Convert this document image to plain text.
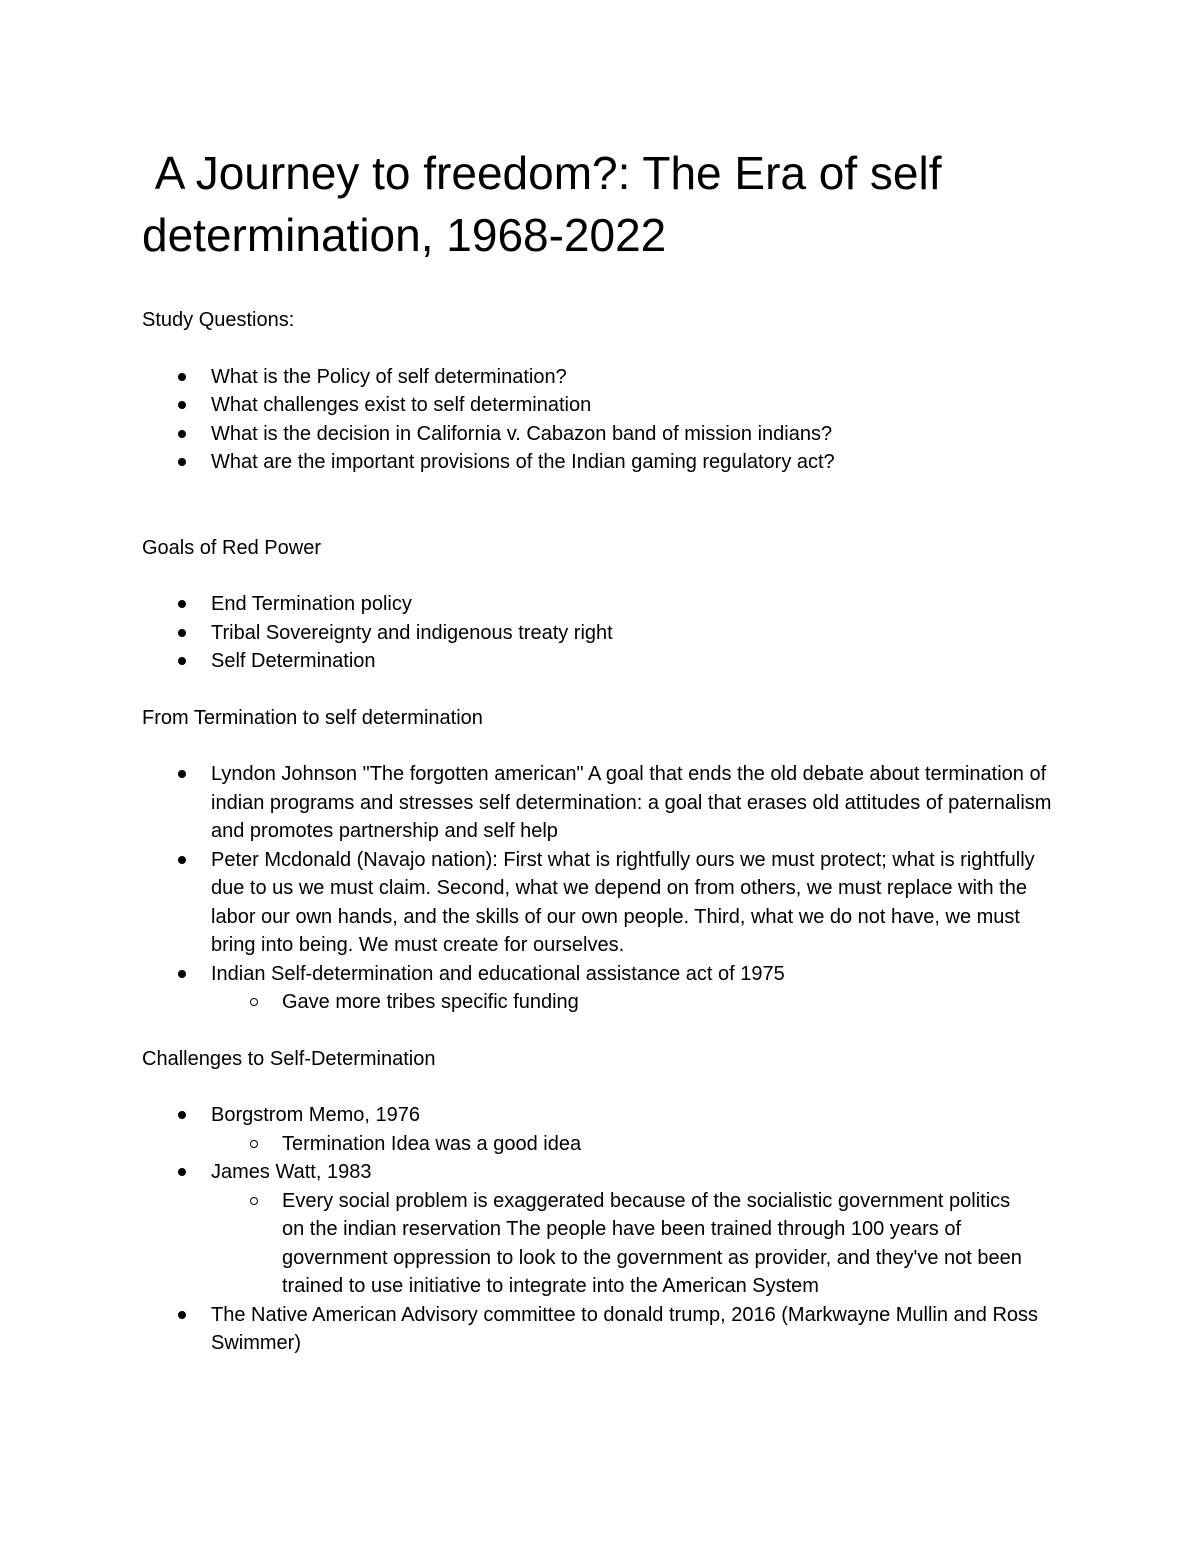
A Journey to freedom?: The Era of self determination, 1968-2022

Study Questions:

What is the Policy of self determination?
What challenges exist to self determination
What is the decision in California v. Cabazon band of mission indians?
What are the important provisions of the Indian gaming regulatory act?

Goals of Red Power

End Termination policy
Tribal Sovereignty and indigenous treaty right
Self Determination

From Termination to self determination

Lyndon Johnson "The forgotten american" A goal that ends the old debate about termination of indian programs and stresses self determination: a goal that erases old attitudes of paternalism and promotes partnership and self help
Peter Mcdonald (Navajo nation): First what is rightfully ours we must protect; what is rightfully due to us we must claim. Second, what we depend on from others, we must replace with the labor our own hands, and the skills of our own people. Third, what we do not have, we must bring into being. We must create for ourselves.
Indian Self-determination and educational assistance act of 1975
Gave more tribes specific funding

Challenges to Self-Determination

Borgstrom Memo, 1976
Termination Idea was a good idea
James Watt, 1983
Every social problem is exaggerated because of the socialistic government politics on the indian reservation The people have been trained through 100 years of government oppression to look to the government as provider, and they've not been trained to use initiative to integrate into the American System
The Native American Advisory committee to donald trump, 2016 (Markwayne Mullin and Ross Swimmer)
